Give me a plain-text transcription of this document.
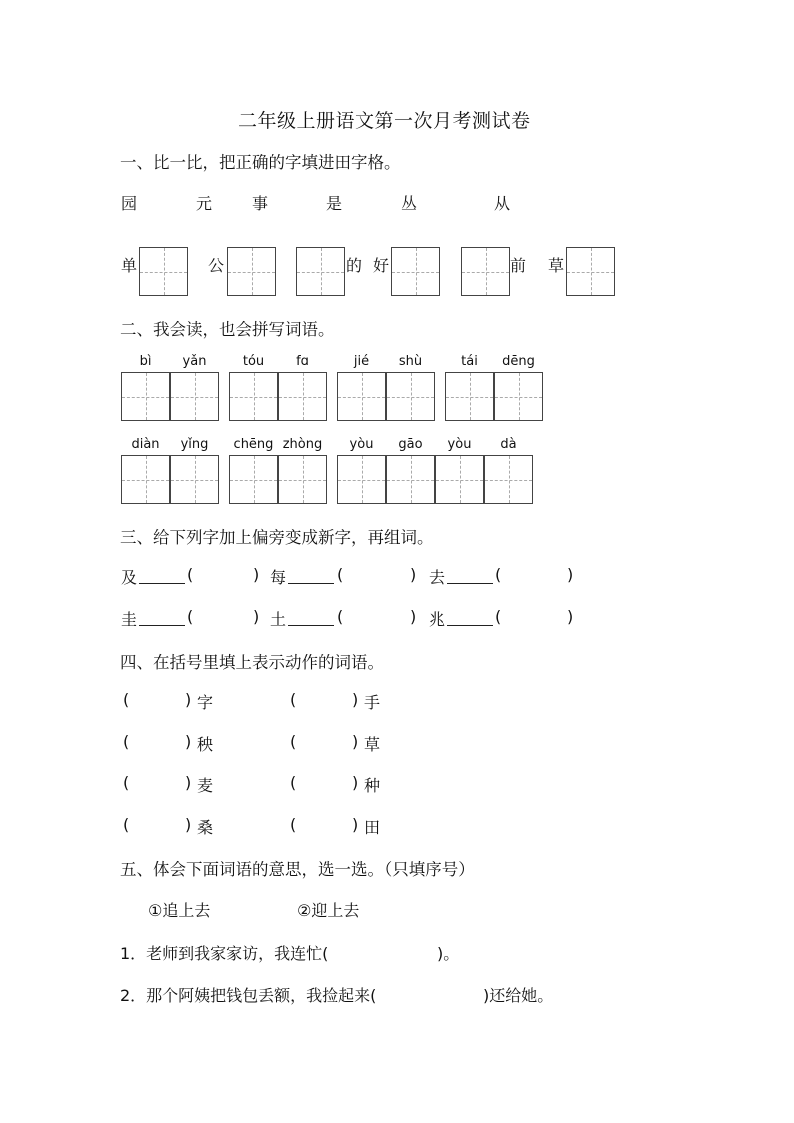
二年级上册语文第一次月考测试卷
一、比一比，把正确的字填进田字格。
园	元 事	是	丛	从
单	公	的 好	前 草
二、我会读，也会拼写词语。
bì	yǎn	tóu	fɑ	jié	shù	tái	dēng
diàn	yǐng	chēng zhòng	yòu	gāo	yòu	dà
三、给下列字加上偏旁变成新字，再组词。
及	(	) 每	(	) 去	(	)
圭	(	) 土	(	) 兆	(	)
四、在括号里填上表示动作的词语。
(	) 字	(	) 手
(	) 秧	(	) 草
(	) 麦	(	) 种
(	) 桑	(	) 田
五、体会下面词语的意思，选一选。（只填序号）
①追上去	②迎上去
1．老师到我家家访，我连忙(	)。
2．那个阿姨把钱包丢额，我捡起来(	)还给她。
